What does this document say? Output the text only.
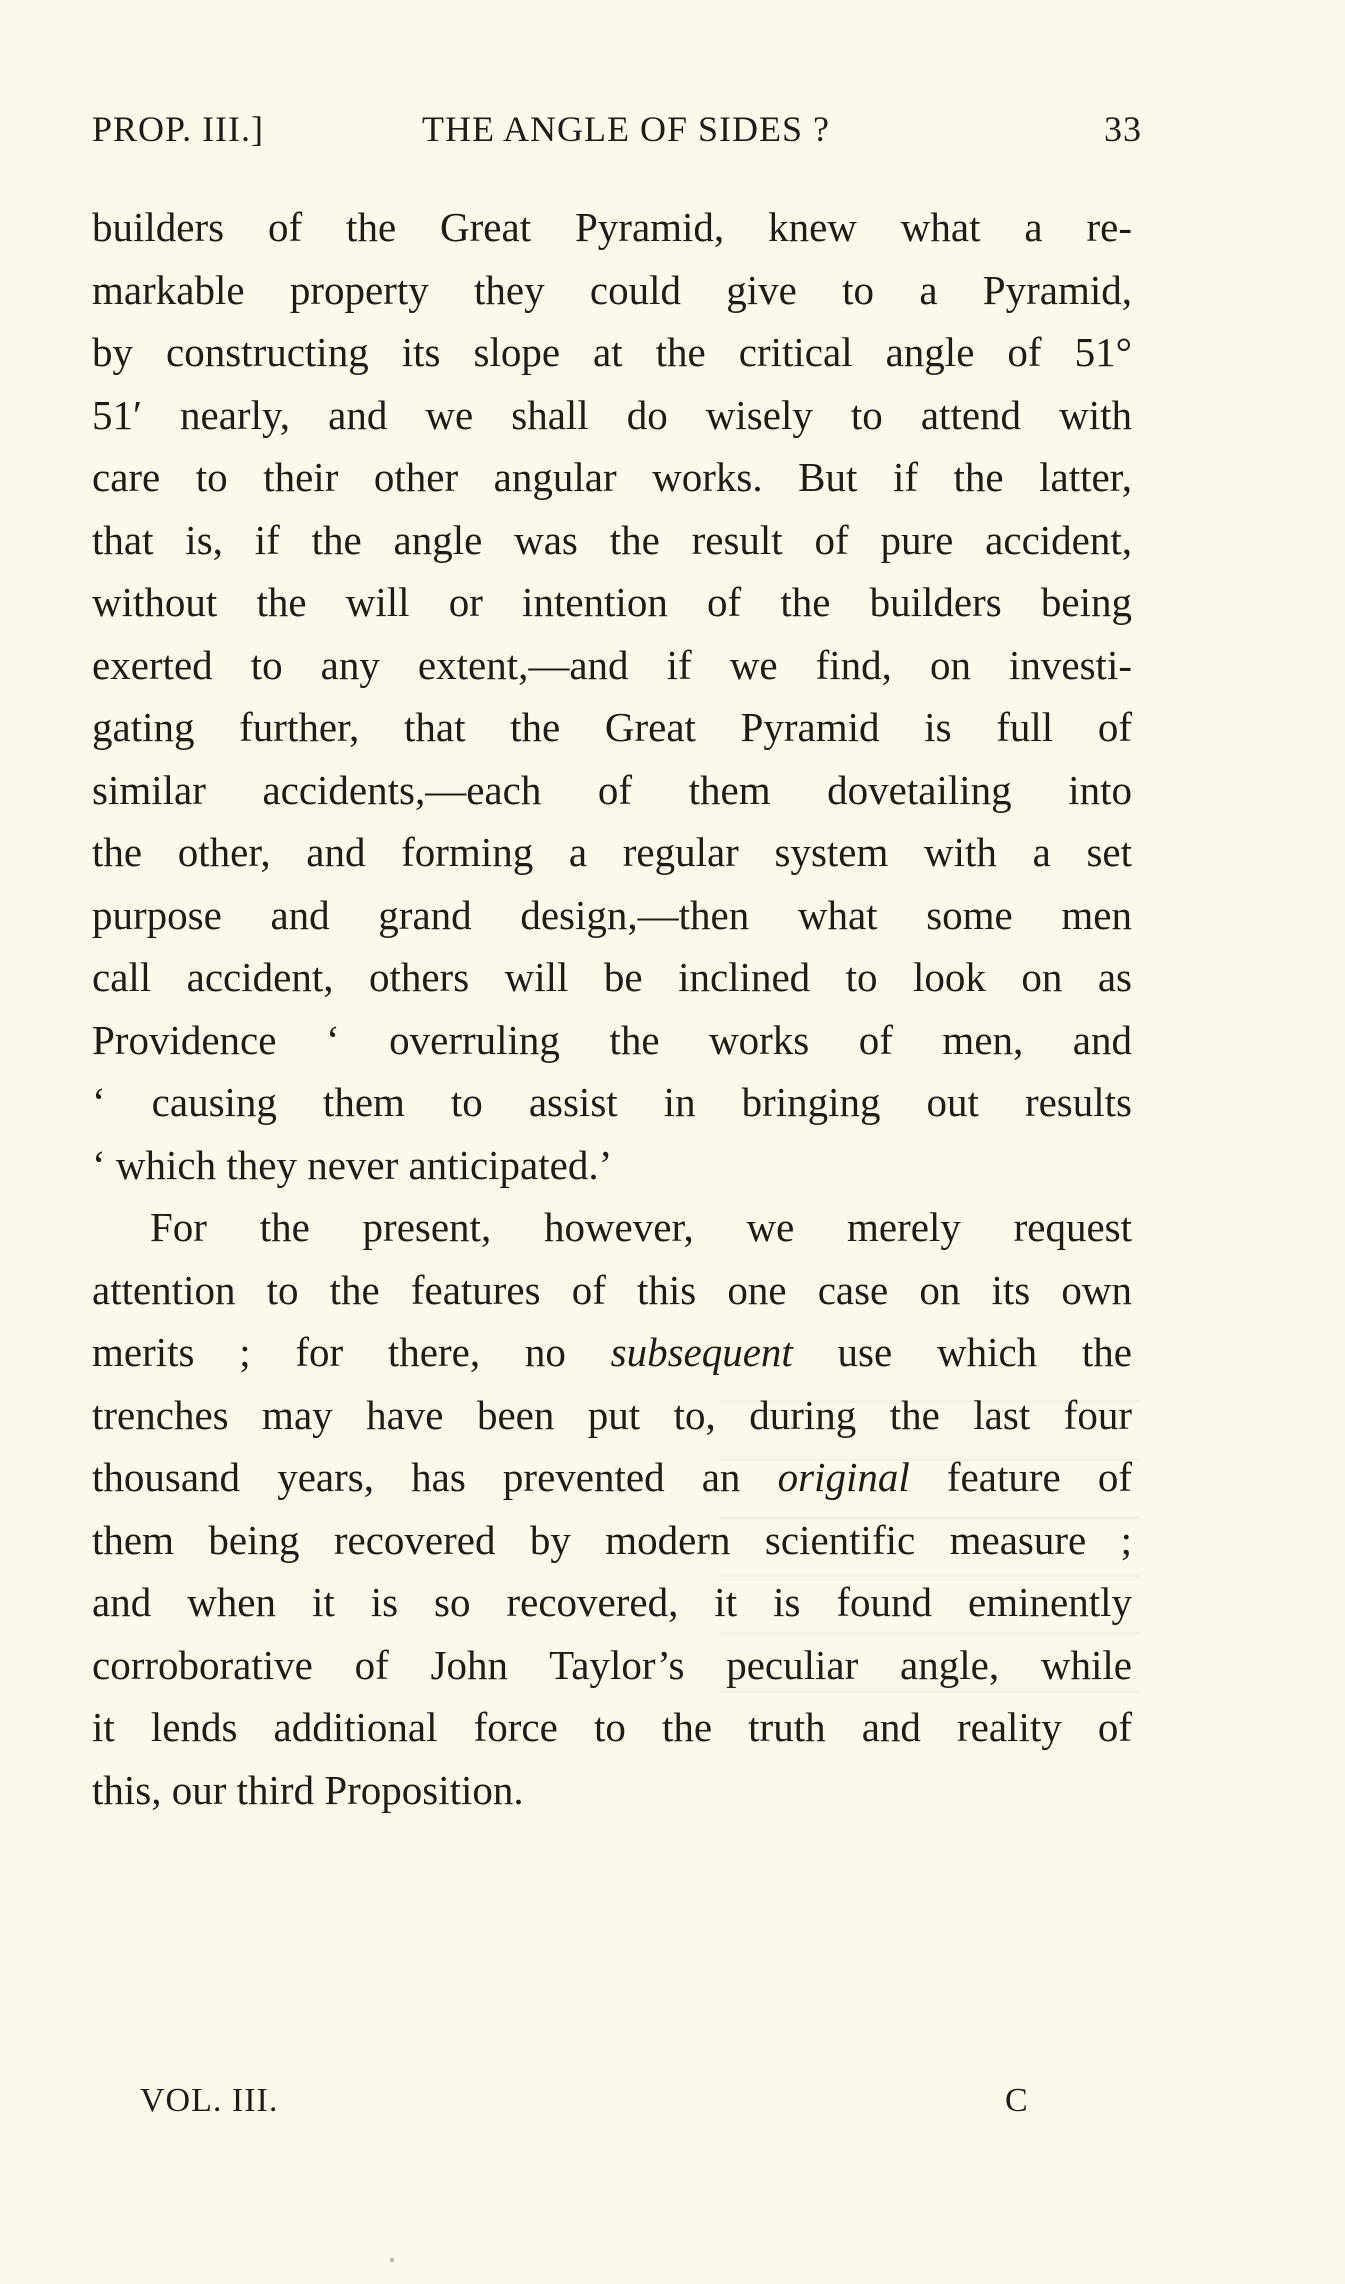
PROP. III.]	THE ANGLE OF SIDES ?	33
builders of the Great Pyramid, knew what a re-
markable property they could give to a Pyramid,
by constructing its slope at the critical angle of 51°
51′ nearly, and we shall do wisely to attend with
care to their other angular works. But if the latter,
that is, if the angle was the result of pure accident,
without the will or intention of the builders being
exerted to any extent,—and if we find, on investi-
gating further, that the Great Pyramid is full of
similar accidents,—each of them dovetailing into
the other, and forming a regular system with a set
purpose and grand design,—then what some men
call accident, others will be inclined to look on as
Providence ‘ overruling the works of men, and
‘ causing them to assist in bringing out results
‘ which they never anticipated.’
For the present, however, we merely request
attention to the features of this one case on its own
merits ; for there, no subsequent use which the
trenches may have been put to, during the last four
thousand years, has prevented an original feature of
them being recovered by modern scientific measure ;
and when it is so recovered, it is found eminently
corroborative of John Taylor’s peculiar angle, while
it lends additional force to the truth and reality of
this, our third Proposition.
VOL. III.	C
